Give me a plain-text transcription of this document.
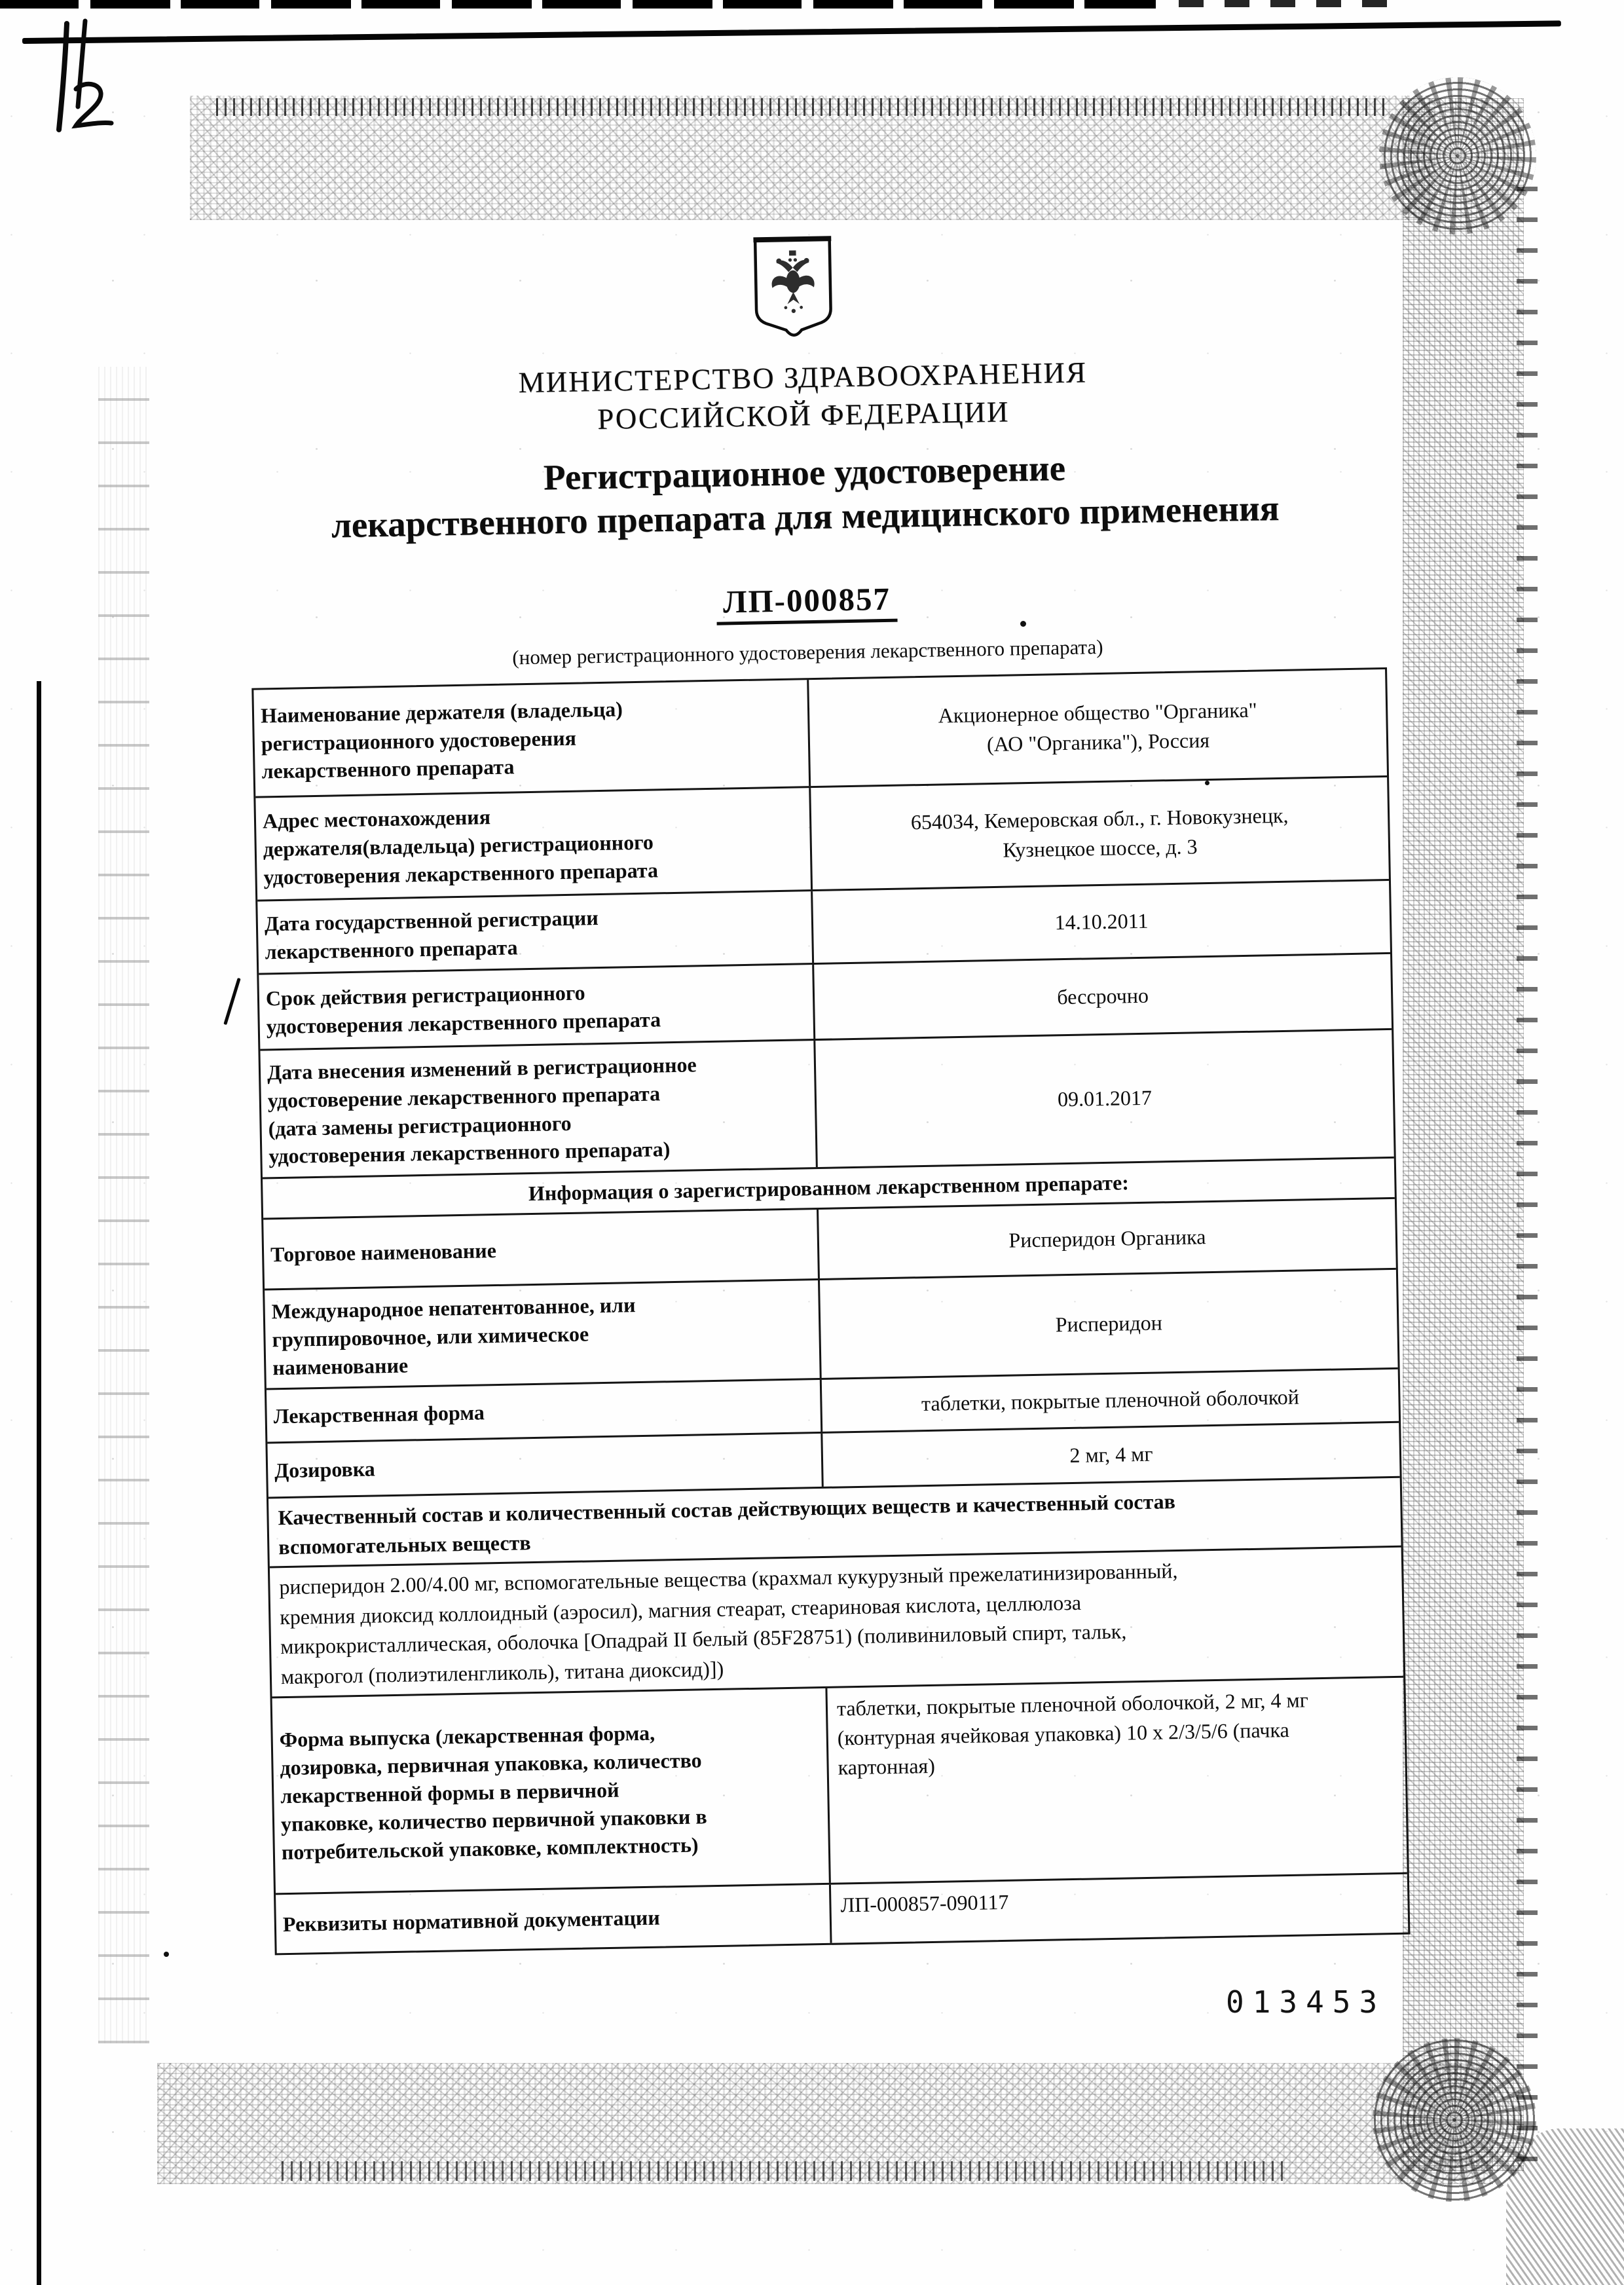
МИНИСТЕРСТВО ЗДРАВООХРАНЕНИЯ
РОССИЙСКОЙ ФЕДЕРАЦИИ
Регистрационное удостоверение
лекарственного препарата для медицинского применения
ЛП-000857
(номер регистрационного удостоверения лекарственного препарата)
Наименование держателя (владельца)
регистрационного удостоверения
лекарственного препарата
Акционерное общество "Органика"
(АО "Органика"), Россия
Адрес местонахождения
держателя(владельца) регистрационного
удостоверения лекарственного препарата
654034, Кемеровская обл., г. Новокузнецк,
Кузнецкое шоссе, д. 3
Дата государственной регистрации
лекарственного препарата
14.10.2011
Срок действия регистрационного
удостоверения лекарственного препарата
бессрочно
Дата внесения изменений в регистрационное
удостоверение лекарственного препарата
(дата замены регистрационного
удостоверения лекарственного препарата)
09.01.2017
Информация о зарегистрированном лекарственном препарате:
Торговое наименование
Рисперидон Органика
Международное непатентованное, или
группировочное, или химическое
наименование
Рисперидон
Лекарственная форма	таблетки, покрытые пленочной оболочкой
Дозировка
2 мг, 4 мг
Качественный состав и количественный состав действующих веществ и качественный состав
вспомогательных веществ
рисперидон 2.00/4.00 мг, вспомогательные вещества (крахмал кукурузный прежелатинизированный,
кремния диоксид коллоидный (аэросил), магния стеарат, стеариновая кислота, целлюлоза
микрокристаллическая, оболочка [Опадрай II белый (85F28751) (поливиниловый спирт, тальк,
макрогол (полиэтиленгликоль), титана диоксид)])
Форма выпуска (лекарственная форма,
дозировка, первичная упаковка, количество
лекарственной формы в первичной
упаковке, количество первичной упаковки в
потребительской упаковке, комплектность)
таблетки, покрытые пленочной оболочкой, 2 мг, 4 мг
(контурная ячейковая упаковка) 10 х 2/3/5/6 (пачка
картонная)
Реквизиты нормативной документации
ЛП-000857-090117
013453
